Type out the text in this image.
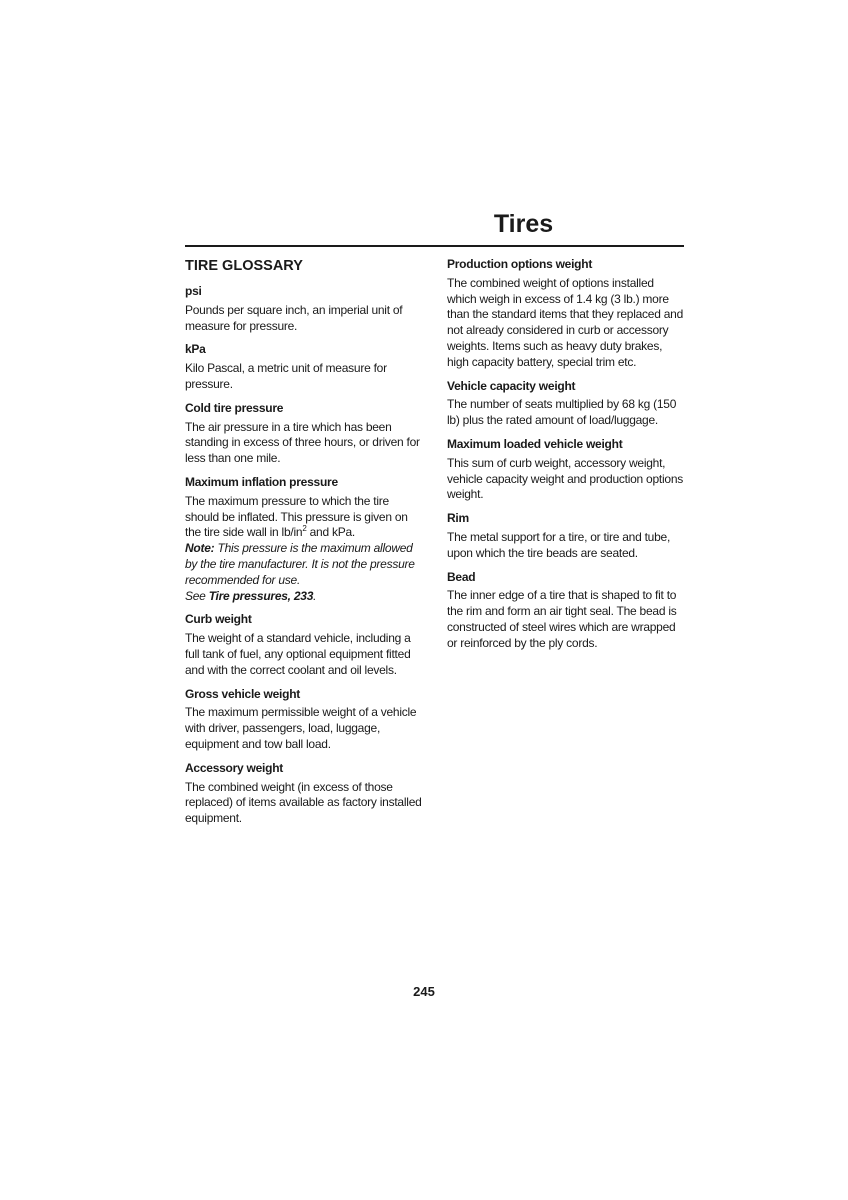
Tires
TIRE GLOSSARY

psi

Pounds per square inch, an imperial unit of measure for pressure.

kPa

Kilo Pascal, a metric unit of measure for pressure.

Cold tire pressure

The air pressure in a tire which has been standing in excess of three hours, or driven for less than one mile.

Maximum inflation pressure

The maximum pressure to which the tire should be inflated. This pressure is given on the tire side wall in $lb/in^2$ and kPa.

Note: This pressure is the maximum allowed by the tire manufacturer. It is not the pressure recommended for use.

See Tire pressures, 233.

Curb weight

The weight of a standard vehicle, including a full tank of fuel, any optional equipment fitted and with the correct coolant and oil levels.

Gross vehicle weight

The maximum permissible weight of a vehicle with driver, passengers, load, luggage, equipment and tow ball load.

Accessory weight

The combined weight (in excess of those replaced) of items available as factory installed equipment.

Production options weight

The combined weight of options installed which weigh in excess of 1.4 kg (3 lb.) more than the standard items that they replaced and not already considered in curb or accessory weights. Items such as heavy duty brakes, high capacity battery, special trim etc.

Vehicle capacity weight

The number of seats multiplied by 68 kg (150 lb) plus the rated amount of load/luggage.

Maximum loaded vehicle weight

This sum of curb weight, accessory weight, vehicle capacity weight and production options weight.

Rim

The metal support for a tire, or tire and tube, upon which the tire beads are seated.

Bead

The inner edge of a tire that is shaped to fit to the rim and form an air tight seal. The bead is constructed of steel wires which are wrapped or reinforced by the ply cords.

245
